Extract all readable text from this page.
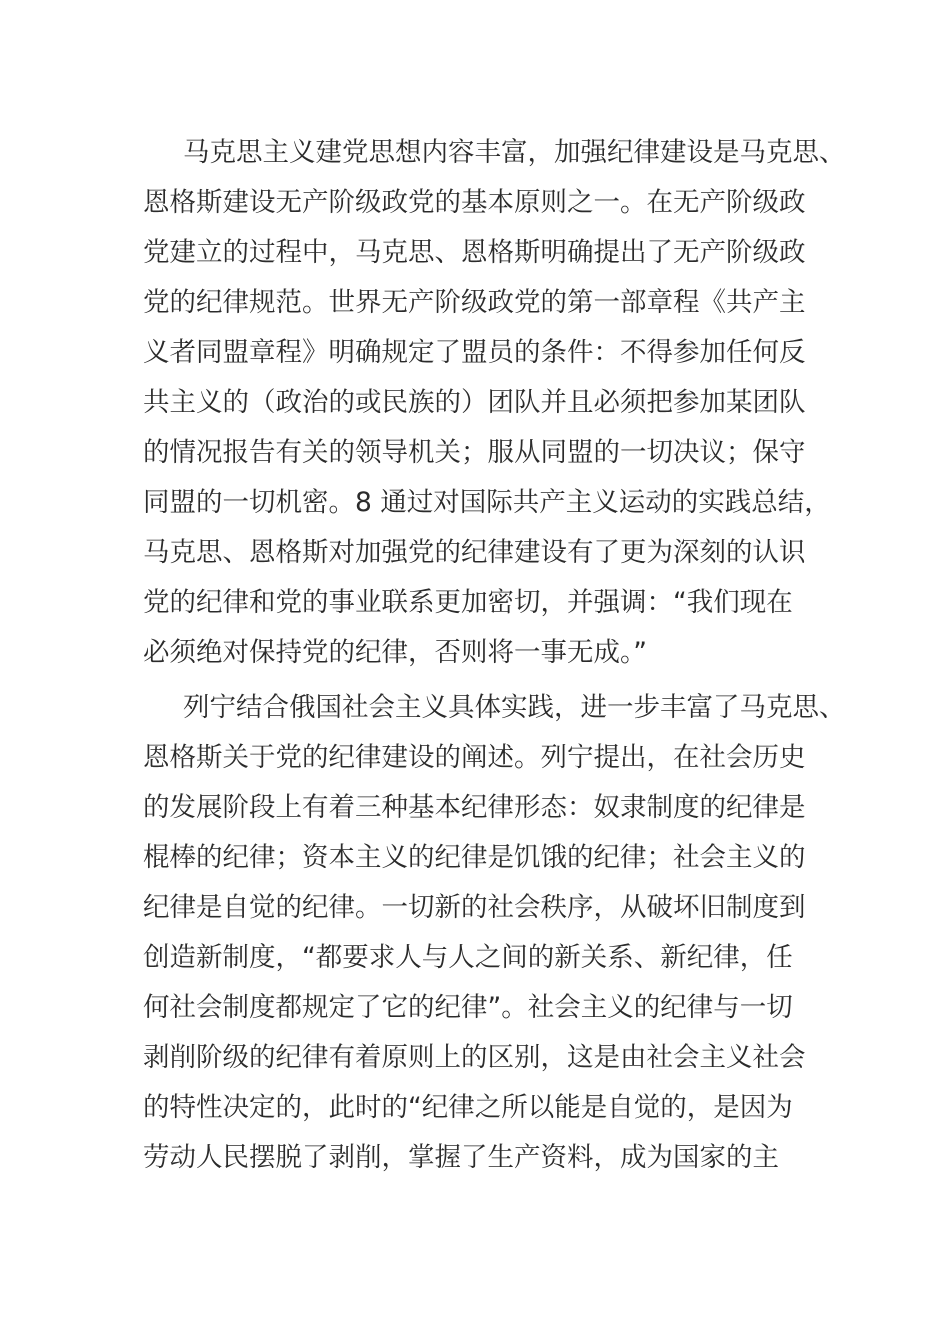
马克思主义建党思想内容丰富，加强纪律建设是马克思、
恩格斯建设无产阶级政党的基本原则之一。在无产阶级政
党建立的过程中，马克思、恩格斯明确提出了无产阶级政
党的纪律规范。世界无产阶级政党的第一部章程《共产主
义者同盟章程》明确规定了盟员的条件：不得参加任何反
共主义的（政治的或民族的）团队并且必须把参加某团队
的情况报告有关的领导机关；服从同盟的一切决议；保守
同盟的一切机密。8 通过对国际共产主义运动的实践总结，
马克思、恩格斯对加强党的纪律建设有了更为深刻的认识
党的纪律和党的事业联系更加密切，并强调：“我们现在
必须绝对保持党的纪律，否则将一事无成。”

列宁结合俄国社会主义具体实践，进一步丰富了马克思、
恩格斯关于党的纪律建设的阐述。列宁提出，在社会历史
的发展阶段上有着三种基本纪律形态：奴隶制度的纪律是
棍棒的纪律；资本主义的纪律是饥饿的纪律；社会主义的
纪律是自觉的纪律。一切新的社会秩序，从破坏旧制度到
创造新制度，“都要求人与人之间的新关系、新纪律，任
何社会制度都规定了它的纪律”。社会主义的纪律与一切
剥削阶级的纪律有着原则上的区别，这是由社会主义社会
的特性决定的，此时的“纪律之所以能是自觉的，是因为
劳动人民摆脱了剥削，掌握了生产资料，成为国家的主
